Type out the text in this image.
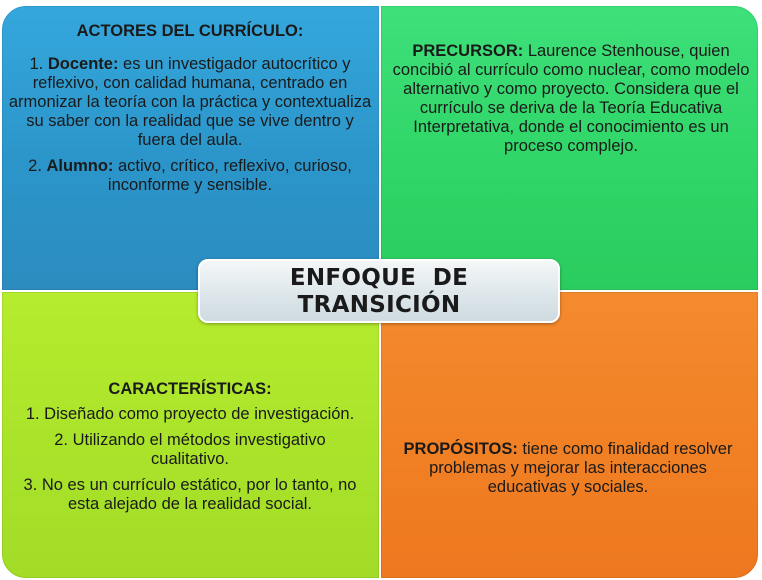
ACTORES DEL CURRÍCULO:

1. Docente: es un investigador autocrítico y reflexivo, con calidad humana, centrado en armonizar la teoría con la práctica y contextualiza su saber con la realidad que se vive dentro y fuera del aula.

2. Alumno: activo, crítico, reflexivo, curioso, inconforme y sensible.

PRECURSOR: Laurence Stenhouse, quien concibió al currículo como nuclear, como modelo alternativo y como proyecto. Considera que el currículo se deriva de la Teoría Educativa Interpretativa, donde el conocimiento es un proceso complejo.

CARACTERÍSTICAS:

1. Diseñado como proyecto de investigación.

2. Utilizando el métodos investigativo cualitativo.

3. No es un currículo estático, por lo tanto, no esta alejado de la realidad social.

PROPÓSITOS: tiene como finalidad resolver problemas y mejorar las interacciones educativas y sociales.

ENFOQUE  DE
TRANSICIÓN
